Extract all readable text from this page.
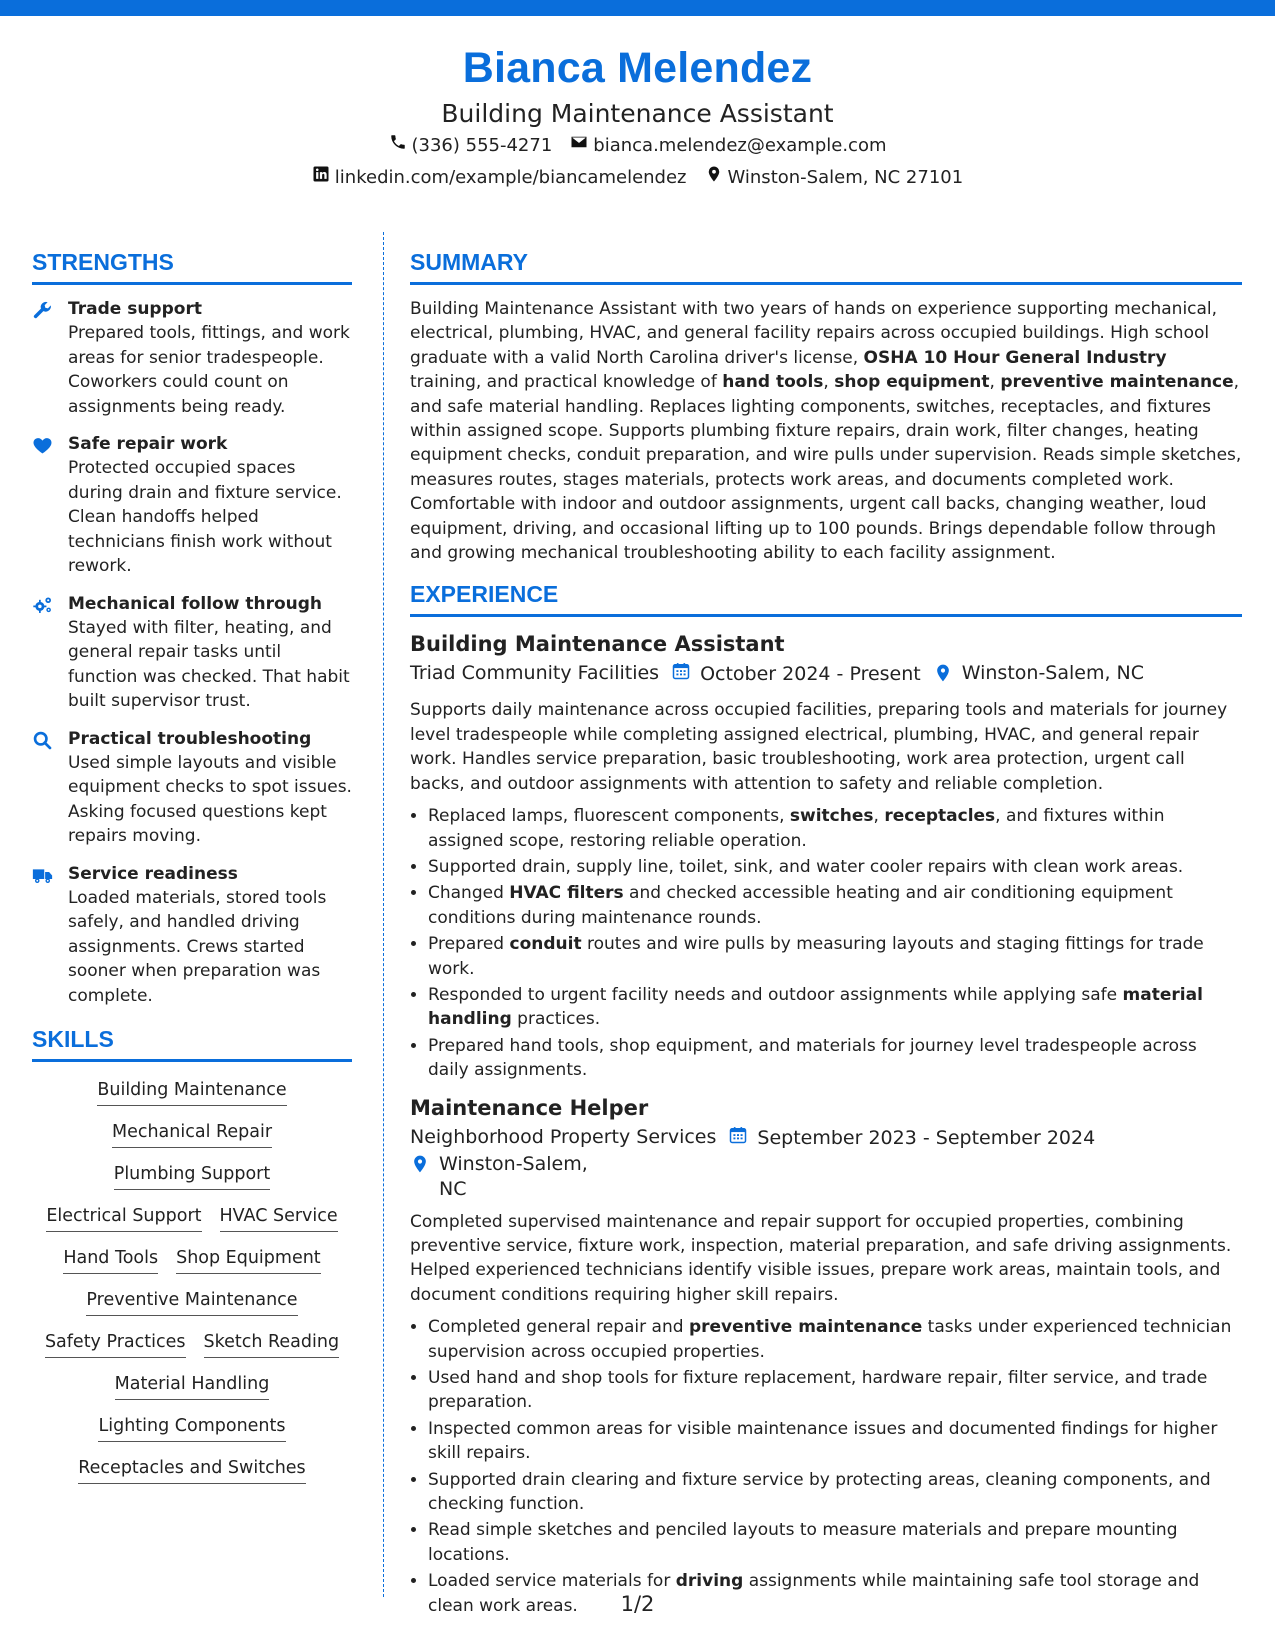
Bianca Melendez
Building Maintenance Assistant
(336) 555-4271 bianca.melendez@example.com
linkedin.com/example/biancamelendez Winston-Salem, NC 27101
STRENGTHS
Trade support
Prepared tools, fittings, and work areas for senior tradespeople. Coworkers could count on assignments being ready.
Safe repair work
Protected occupied spaces during drain and fixture service. Clean handoffs helped technicians finish work without rework.
Mechanical follow through
Stayed with filter, heating, and general repair tasks until function was checked. That habit built supervisor trust.
Practical troubleshooting
Used simple layouts and visible equipment checks to spot issues. Asking focused questions kept repairs moving.
Service readiness
Loaded materials, stored tools safely, and handled driving assignments. Crews started sooner when preparation was complete.
SKILLS
Building Maintenance
Mechanical Repair
Plumbing Support
Electrical Support HVAC Service
Hand Tools Shop Equipment
Preventive Maintenance
Safety Practices Sketch Reading
Material Handling
Lighting Components
Receptacles and Switches
SUMMARY

Building Maintenance Assistant with two years of hands on experience supporting mechanical, electrical, plumbing, HVAC, and general facility repairs across occupied buildings. High school graduate with a valid North Carolina driver's license, OSHA 10 Hour General Industry training, and practical knowledge of hand tools, shop equipment, preventive maintenance, and safe material handling. Replaces lighting components, switches, receptacles, and fixtures within assigned scope. Supports plumbing fixture repairs, drain work, filter changes, heating equipment checks, conduit preparation, and wire pulls under supervision. Reads simple sketches, measures routes, stages materials, protects work areas, and documents completed work. Comfortable with indoor and outdoor assignments, urgent call backs, changing weather, loud equipment, driving, and occasional lifting up to 100 pounds. Brings dependable follow through and growing mechanical troubleshooting ability to each facility assignment.

EXPERIENCE
Building Maintenance Assistant
Triad Community Facilities October 2024 - Present Winston-Salem, NC

Supports daily maintenance across occupied facilities, preparing tools and materials for journey level tradespeople while completing assigned electrical, plumbing, HVAC, and general repair work. Handles service preparation, basic troubleshooting, work area protection, urgent call backs, and outdoor assignments with attention to safety and reliable completion.

• Replaced lamps, fluorescent components, switches, receptacles, and fixtures within assigned scope, restoring reliable operation.
• Supported drain, supply line, toilet, sink, and water cooler repairs with clean work areas.
• Changed HVAC filters and checked accessible heating and air conditioning equipment conditions during maintenance rounds.
• Prepared conduit routes and wire pulls by measuring layouts and staging fittings for trade work.
• Responded to urgent facility needs and outdoor assignments while applying safe material handling practices.
• Prepared hand tools, shop equipment, and materials for journey level tradespeople across daily assignments.
Maintenance Helper
Neighborhood Property Services September 2023 - September 2024
Winston-Salem, NC

Completed supervised maintenance and repair support for occupied properties, combining preventive service, fixture work, inspection, material preparation, and safe driving assignments. Helped experienced technicians identify visible issues, prepare work areas, maintain tools, and document conditions requiring higher skill repairs.

• Completed general repair and preventive maintenance tasks under experienced technician supervision across occupied properties.
• Used hand and shop tools for fixture replacement, hardware repair, filter service, and trade preparation.
• Inspected common areas for visible maintenance issues and documented findings for higher skill repairs.
• Supported drain clearing and fixture service by protecting areas, cleaning components, and checking function.
• Read simple sketches and penciled layouts to measure materials and prepare mounting locations.
• Loaded service materials for driving assignments while maintaining safe tool storage and clean work areas.	1/2
